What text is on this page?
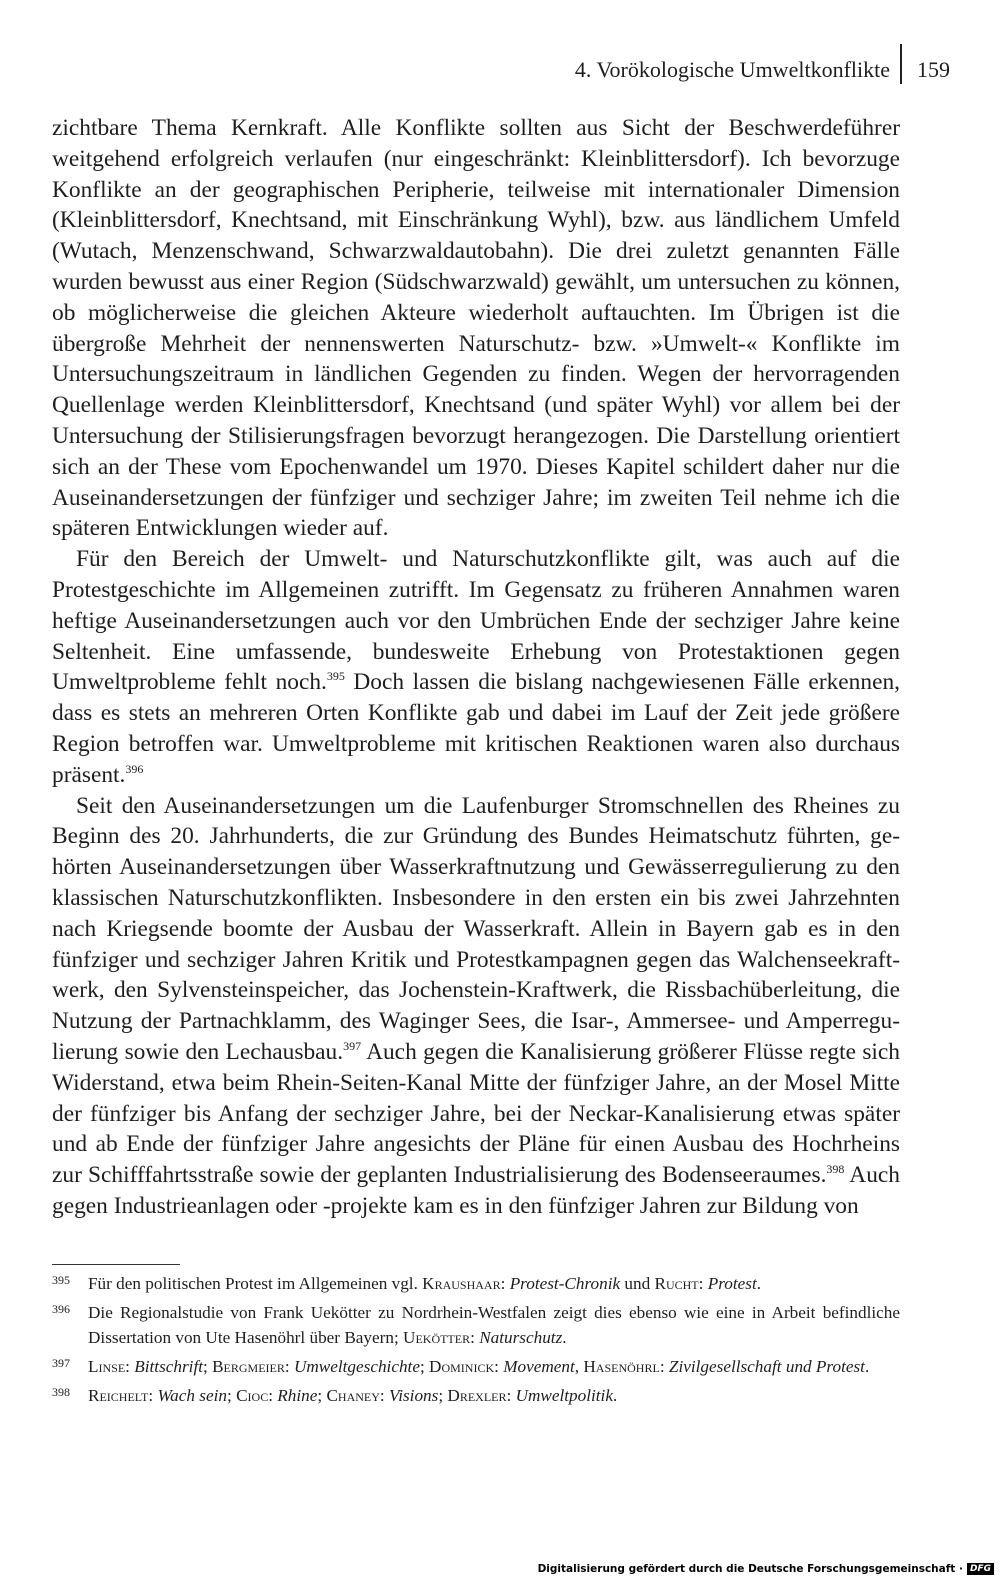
4. Vorökologische Umweltkonflikte 159

zichtbare Thema Kernkraft. Alle Konflikte sollten aus Sicht der Beschwerdeführer weitgehend erfolgreich verlaufen (nur eingeschränkt: Kleinblittersdorf). Ich bevorzuge Konflikte an der geographischen Peripherie, teilweise mit internationaler Dimension (Kleinblittersdorf, Knechtsand, mit Einschränkung Wyhl), bzw. aus ländlichem Umfeld (Wutach, Menzenschwand, Schwarzwaldautobahn). Die drei zuletzt genannten Fälle wurden bewusst aus einer Region (Südschwarzwald) gewählt, um untersuchen zu können, ob möglicherweise die gleichen Akteure wiederholt auftauchten. Im Übrigen ist die übergroße Mehrheit der nennenswerten Naturschutz- bzw. »Umwelt-« Konflikte im Untersuchungszeitraum in ländlichen Gegenden zu finden. Wegen der hervorragenden Quellenlage werden Kleinblittersdorf, Knechtsand (und später Wyhl) vor allem bei der Untersuchung der Stilisierungsfragen bevorzugt herangezogen. Die Darstellung orientiert sich an der These vom Epochenwandel um 1970. Dieses Kapitel schildert daher nur die Auseinandersetzungen der fünfziger und sechziger Jahre; im zweiten Teil nehme ich die späteren Entwicklungen wieder auf.

Für den Bereich der Umwelt- und Naturschutzkonflikte gilt, was auch auf die Protestgeschichte im Allgemeinen zutrifft. Im Gegensatz zu früheren Annahmen waren heftige Auseinandersetzungen auch vor den Umbrüchen Ende der sechziger Jahre keine Seltenheit. Eine umfassende, bundesweite Erhebung von Protestaktionen gegen Umweltprobleme fehlt noch.$^{395}$ Doch lassen die bislang nachgewiesenen Fälle erkennen, dass es stets an mehreren Orten Konflikte gab und dabei im Lauf der Zeit jede größere Region betroffen war. Umweltprobleme mit kritischen Reaktionen waren also durchaus präsent.$^{396}$

Seit den Auseinandersetzungen um die Laufenburger Stromschnellen des Rheines zu Beginn des 20. Jahrhunderts, die zur Gründung des Bundes Heimatschutz führten, gehörten Auseinandersetzungen über Wasserkraftnutzung und Gewässerregulierung zu den klassischen Naturschutzkonflikten. Insbesondere in den ersten ein bis zwei Jahrzehnten nach Kriegsende boomte der Ausbau der Wasserkraft. Allein in Bayern gab es in den fünfziger und sechziger Jahren Kritik und Protestkampagnen gegen das Walchenseekraftwerk, den Sylvensteinspeicher, das Jochenstein-Kraftwerk, die Rissbachüberleitung, die Nutzung der Partnachklamm, des Waginger Sees, die Isar-, Ammersee- und Amperregulierung sowie den Lechausbau.$^{397}$ Auch gegen die Kanalisierung größerer Flüsse regte sich Widerstand, etwa beim Rhein-Seiten-Kanal Mitte der fünfziger Jahre, an der Mosel Mitte der fünfziger bis Anfang der sechziger Jahre, bei der Neckar-Kanalisierung etwas später und ab Ende der fünfziger Jahre angesichts der Pläne für einen Ausbau des Hochrheins zur Schifffahrtsstraße sowie der geplanten Industrialisierung des Bodenseeraumes.$^{398}$ Auch gegen Industrieanlagen oder -projekte kam es in den fünfziger Jahren zur Bildung von

395 Für den politischen Protest im Allgemeinen vgl. Kraushaar: Protest-Chronik und Rucht: Protest.
396 Die Regionalstudie von Frank Uekötter zu Nordrhein-Westfalen zeigt dies ebenso wie eine in Arbeit befindliche Dissertation von Ute Hasenöhrl über Bayern; Uekötter: Naturschutz.
397 Linse: Bittschrift; Bergmeier: Umweltgeschichte; Dominick: Movement, Hasenöhrl: Zivilgesellschaft und Protest.
398 Reichelt: Wach sein; Cioc: Rhine; Chaney: Visions; Drexler: Umweltpolitik.
Digitalisierung gefördert durch die Deutsche Forschungsgemeinschaft · DFG
